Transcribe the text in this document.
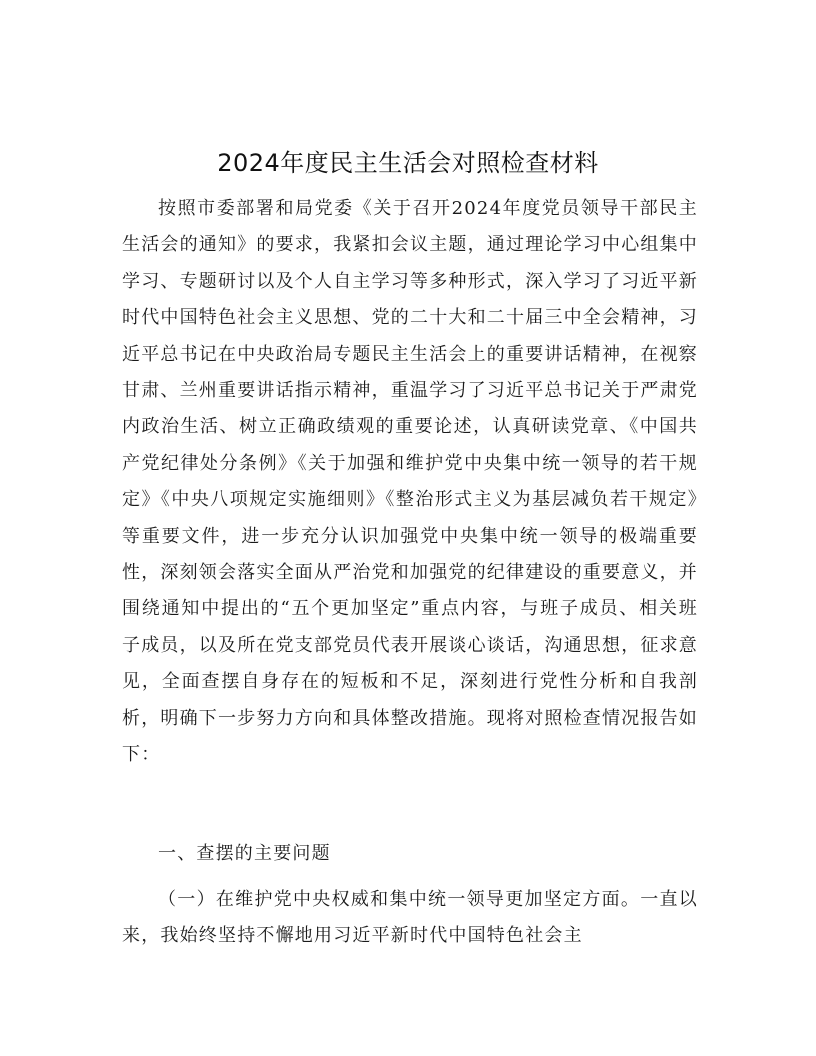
2024年度民主生活会对照检查材料

按照市委部署和局党委《关于召开2024年度党员领导干部民主生活会的通知》的要求，我紧扣会议主题，通过理论学习中心组集中学习、专题研讨以及个人自主学习等多种形式，深入学习了习近平新时代中国特色社会主义思想、党的二十大和二十届三中全会精神，习近平总书记在中央政治局专题民主生活会上的重要讲话精神，在视察甘肃、兰州重要讲话指示精神，重温学习了习近平总书记关于严肃党内政治生活、树立正确政绩观的重要论述，认真研读党章、《中国共产党纪律处分条例》《关于加强和维护党中央集中统一领导的若干规定》《中央八项规定实施细则》《整治形式主义为基层减负若干规定》等重要文件，进一步充分认识加强党中央集中统一领导的极端重要性，深刻领会落实全面从严治党和加强党的纪律建设的重要意义，并围绕通知中提出的“五个更加坚定”重点内容，与班子成员、相关班子成员，以及所在党支部党员代表开展谈心谈话，沟通思想，征求意见，全面查摆自身存在的短板和不足，深刻进行党性分析和自我剖析，明确下一步努力方向和具体整改措施。现将对照检查情况报告如下：

一、查摆的主要问题

（一）在维护党中央权威和集中统一领导更加坚定方面。一直以来，我始终坚持不懈地用习近平新时代中国特色社会主
